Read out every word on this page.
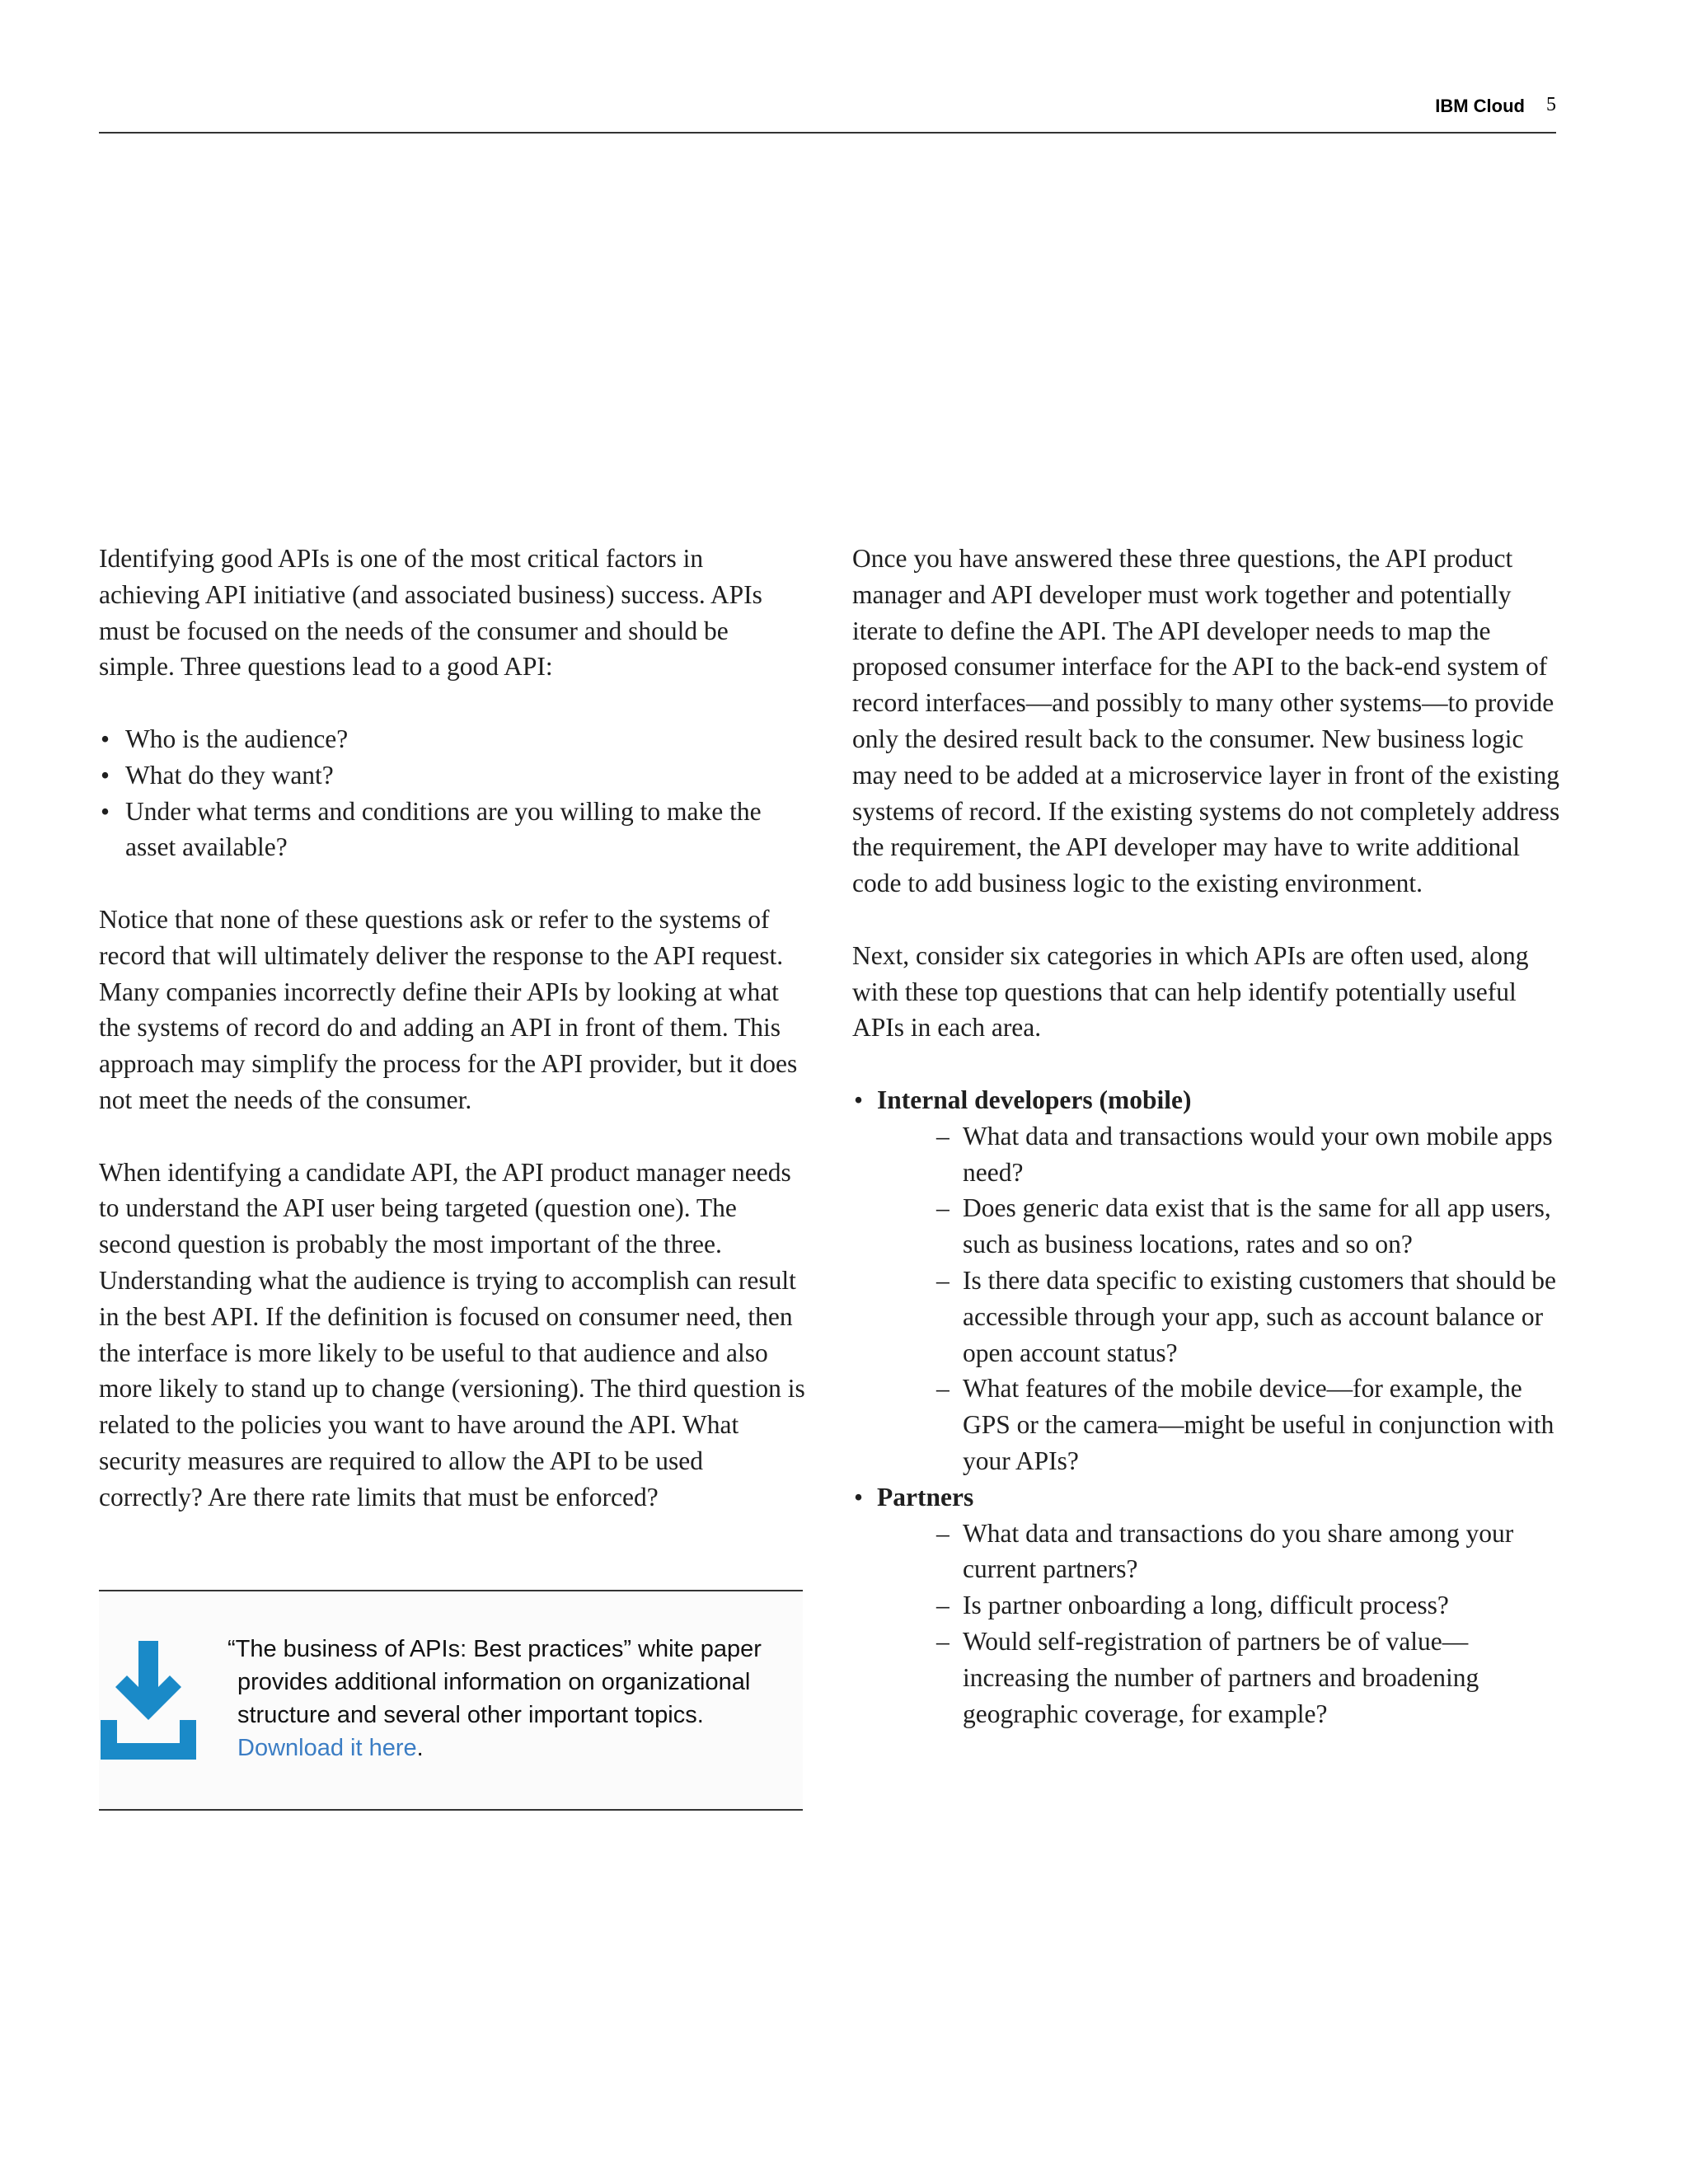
IBM Cloud 5

Identifying good APIs is one of the most critical factors in achieving API initiative (and associated business) success. APIs must be focused on the needs of the consumer and should be simple. Three questions lead to a good API:

• Who is the audience?
• What do they want?
• Under what terms and conditions are you willing to make the asset available?

Notice that none of these questions ask or refer to the systems of record that will ultimately deliver the response to the API request. Many companies incorrectly define their APIs by looking at what the systems of record do and adding an API in front of them. This approach may simplify the process for the API provider, but it does not meet the needs of the consumer.

When identifying a candidate API, the API product manager needs to understand the API user being targeted (question one). The second question is probably the most important of the three. Understanding what the audience is trying to accomplish can result in the best API. If the definition is focused on consumer need, then the interface is more likely to be useful to that audience and also more likely to stand up to change (versioning). The third question is related to the policies you want to have around the API. What security measures are required to allow the API to be used correctly? Are there rate limits that must be enforced?

“The business of APIs: Best practices” white paper
provides additional information on organizational
structure and several other important topics.
Download it here.

Once you have answered these three questions, the API product manager and API developer must work together and potentially iterate to define the API. The API developer needs to map the proposed consumer interface for the API to the back-end system of record interfaces—and possibly to many other systems—to provide only the desired result back to the consumer. New business logic may need to be added at a microservice layer in front of the existing systems of record. If the existing systems do not completely address the requirement, the API developer may have to write additional code to add business logic to the existing environment.

Next, consider six categories in which APIs are often used, along with these top questions that can help identify potentially useful APIs in each area.

• Internal developers (mobile)
– What data and transactions would your own mobile apps need?
– Does generic data exist that is the same for all app users, such as business locations, rates and so on?
– Is there data specific to existing customers that should be accessible through your app, such as account balance or open account status?
– What features of the mobile device—for example, the GPS or the camera—might be useful in conjunction with your APIs?
• Partners
– What data and transactions do you share among your current partners?
– Is partner onboarding a long, difficult process?
– Would self-registration of partners be of value—increasing the number of partners and broadening geographic coverage, for example?
